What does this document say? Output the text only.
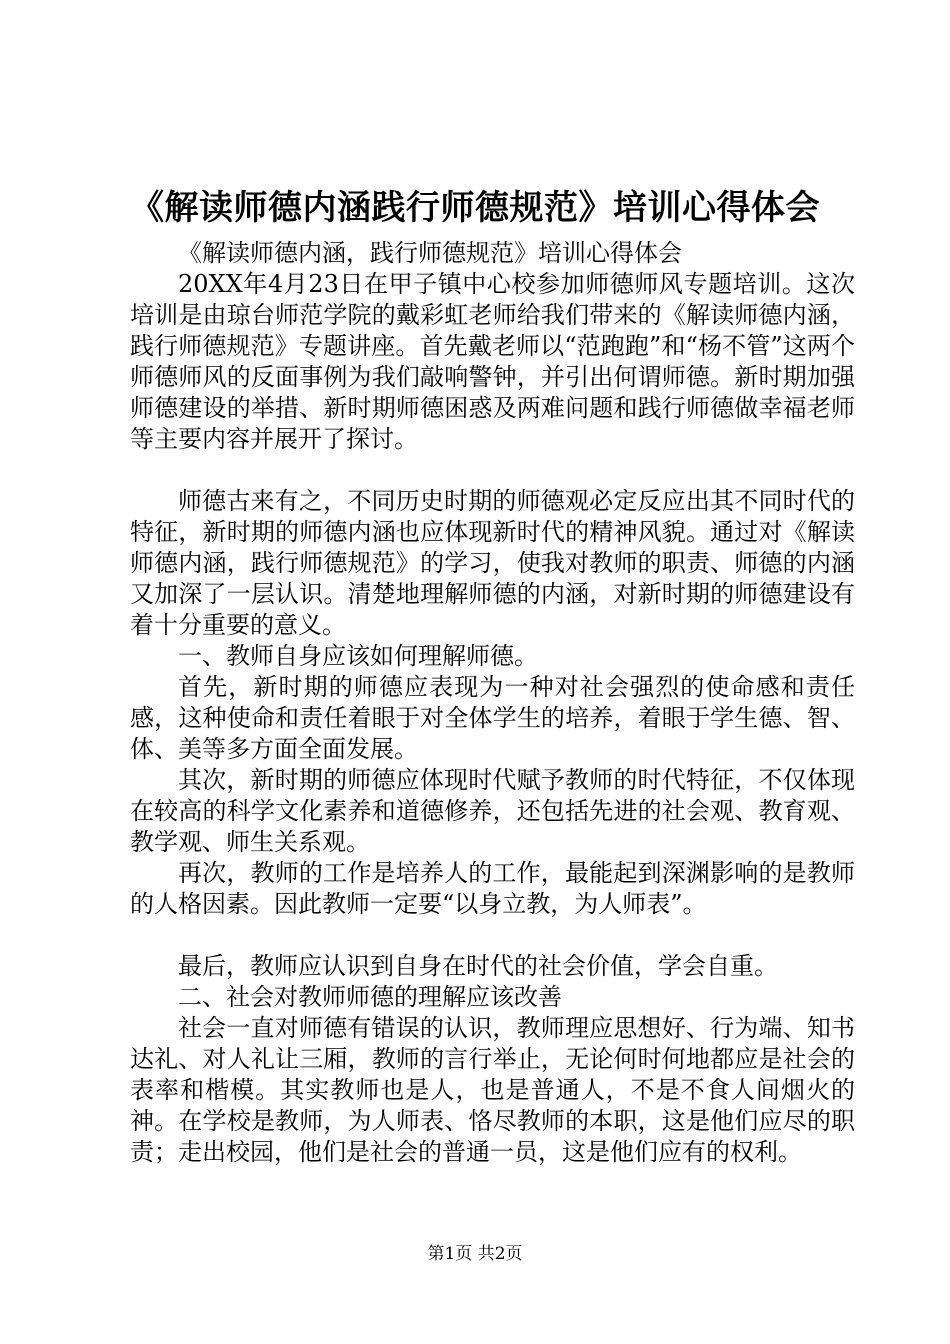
《解读师德内涵践行师德规范》培训心得体会

《解读师德内涵，践行师德规范》培训心得体会

20XX年4月23日在甲子镇中心校参加师德师风专题培训。这次培训是由琼台师范学院的戴彩虹老师给我们带来的《解读师德内涵，践行师德规范》专题讲座。首先戴老师以“范跑跑”和“杨不管”这两个师德师风的反面事例为我们敲响警钟，并引出何谓师德。新时期加强师德建设的举措、新时期师德困惑及两难问题和践行师德做幸福老师等主要内容并展开了探讨。

师德古来有之，不同历史时期的师德观必定反应出其不同时代的特征，新时期的师德内涵也应体现新时代的精神风貌。通过对《解读师德内涵，践行师德规范》的学习，使我对教师的职责、师德的内涵又加深了一层认识。清楚地理解师德的内涵，对新时期的师德建设有着十分重要的意义。

一、教师自身应该如何理解师德。

首先，新时期的师德应表现为一种对社会强烈的使命感和责任感，这种使命和责任着眼于对全体学生的培养，着眼于学生德、智、体、美等多方面全面发展。

其次，新时期的师德应体现时代赋予教师的时代特征，不仅体现在较高的科学文化素养和道德修养，还包括先进的社会观、教育观、教学观、师生关系观。

再次，教师的工作是培养人的工作，最能起到深渊影响的是教师的人格因素。因此教师一定要“以身立教，为人师表”。

最后，教师应认识到自身在时代的社会价值，学会自重。

二、社会对教师师德的理解应该改善

社会一直对师德有错误的认识，教师理应思想好、行为端、知书达礼、对人礼让三厢，教师的言行举止，无论何时何地都应是社会的表率和楷模。其实教师也是人，也是普通人，不是不食人间烟火的神。在学校是教师，为人师表、恪尽教师的本职，这是他们应尽的职责；走出校园，他们是社会的普通一员，这是他们应有的权利。

第1页 共2页
